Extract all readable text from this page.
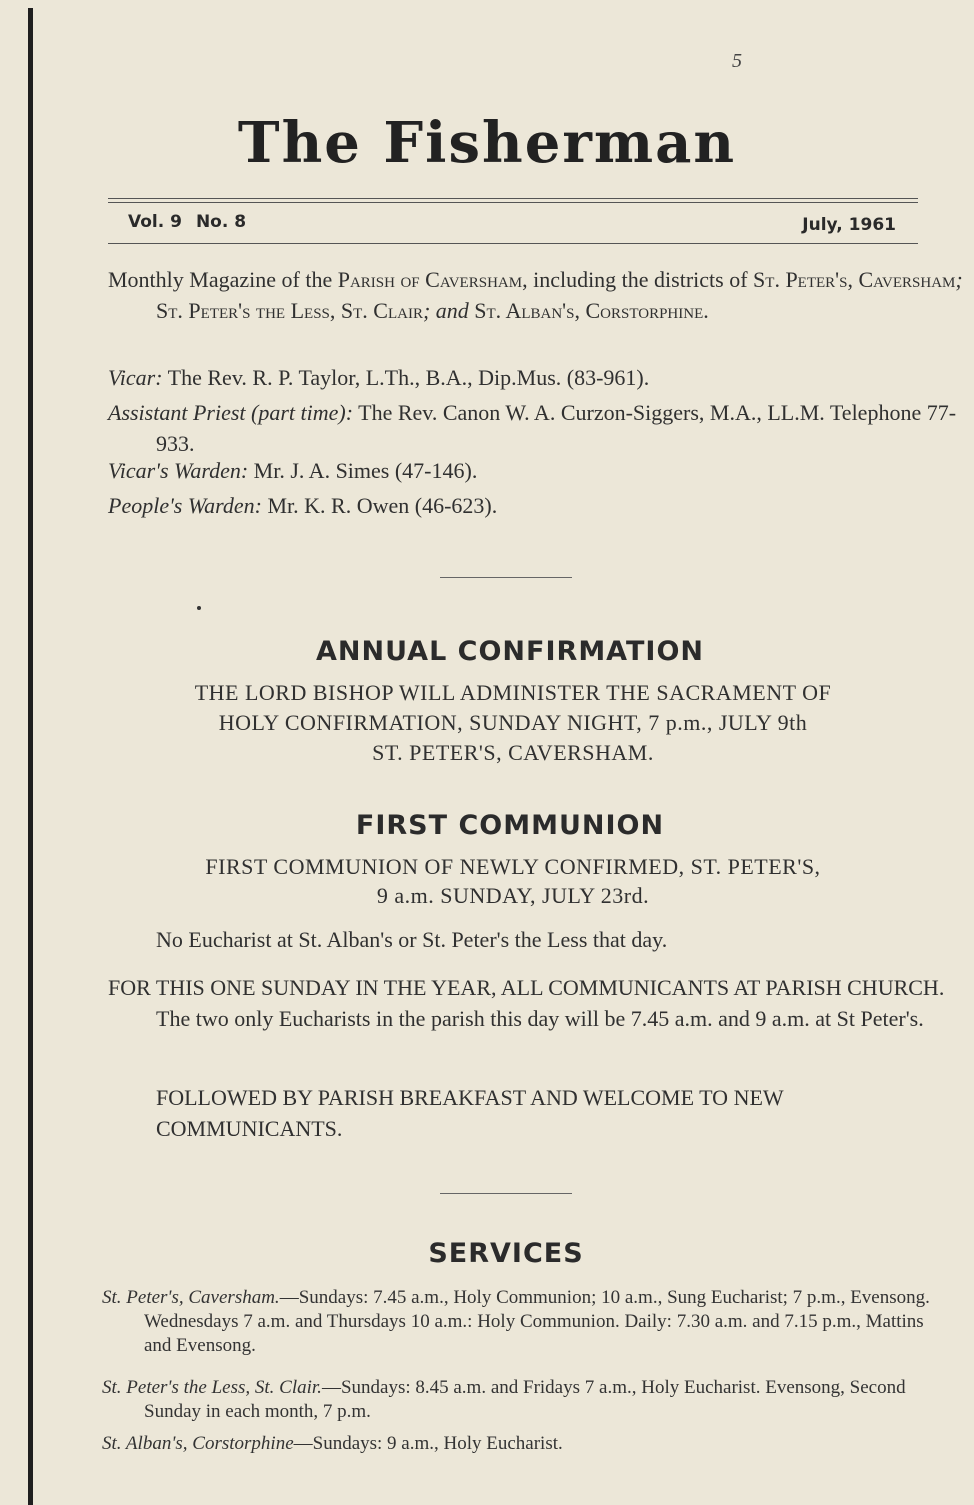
5
The Fisherman
Vol. 9 No. 8	July, 1961
Monthly Magazine of the Parish of Caversham, including the districts of St. Peter's, Caversham; St. Peter's the Less, St. Clair; and St. Alban's, Corstorphine.
Vicar: The Rev. R. P. Taylor, L.Th., B.A., Dip.Mus. (83-961).
Assistant Priest (part time): The Rev. Canon W. A. Curzon-Siggers, M.A., LL.M. Telephone 77-933.
Vicar's Warden: Mr. J. A. Simes (47-146).
People's Warden: Mr. K. R. Owen (46-623).
ANNUAL CONFIRMATION
THE LORD BISHOP WILL ADMINISTER THE SACRAMENT OF
HOLY CONFIRMATION, SUNDAY NIGHT, 7 p.m., JULY 9th
ST. PETER'S, CAVERSHAM.
FIRST COMMUNION
FIRST COMMUNION OF NEWLY CONFIRMED, ST. PETER'S,
9 a.m. SUNDAY, JULY 23rd.
No Eucharist at St. Alban's or St. Peter's the Less that day.
FOR THIS ONE SUNDAY IN THE YEAR, ALL COMMUNICANTS AT PARISH CHURCH. The two only Eucharists in the parish this day will be 7.45 a.m. and 9 a.m. at St Peter's.
FOLLOWED BY PARISH BREAKFAST AND WELCOME TO NEW COMMUNICANTS.
SERVICES
St. Peter's, Caversham.—Sundays: 7.45 a.m., Holy Communion; 10 a.m., Sung Eucharist; 7 p.m., Evensong. Wednesdays 7 a.m. and Thursdays 10 a.m.: Holy Communion. Daily: 7.30 a.m. and 7.15 p.m., Mattins and Evensong.
St. Peter's the Less, St. Clair.—Sundays: 8.45 a.m. and Fridays 7 a.m., Holy Eucharist. Evensong, Second Sunday in each month, 7 p.m.
St. Alban's, Corstorphine—Sundays: 9 a.m., Holy Eucharist.
